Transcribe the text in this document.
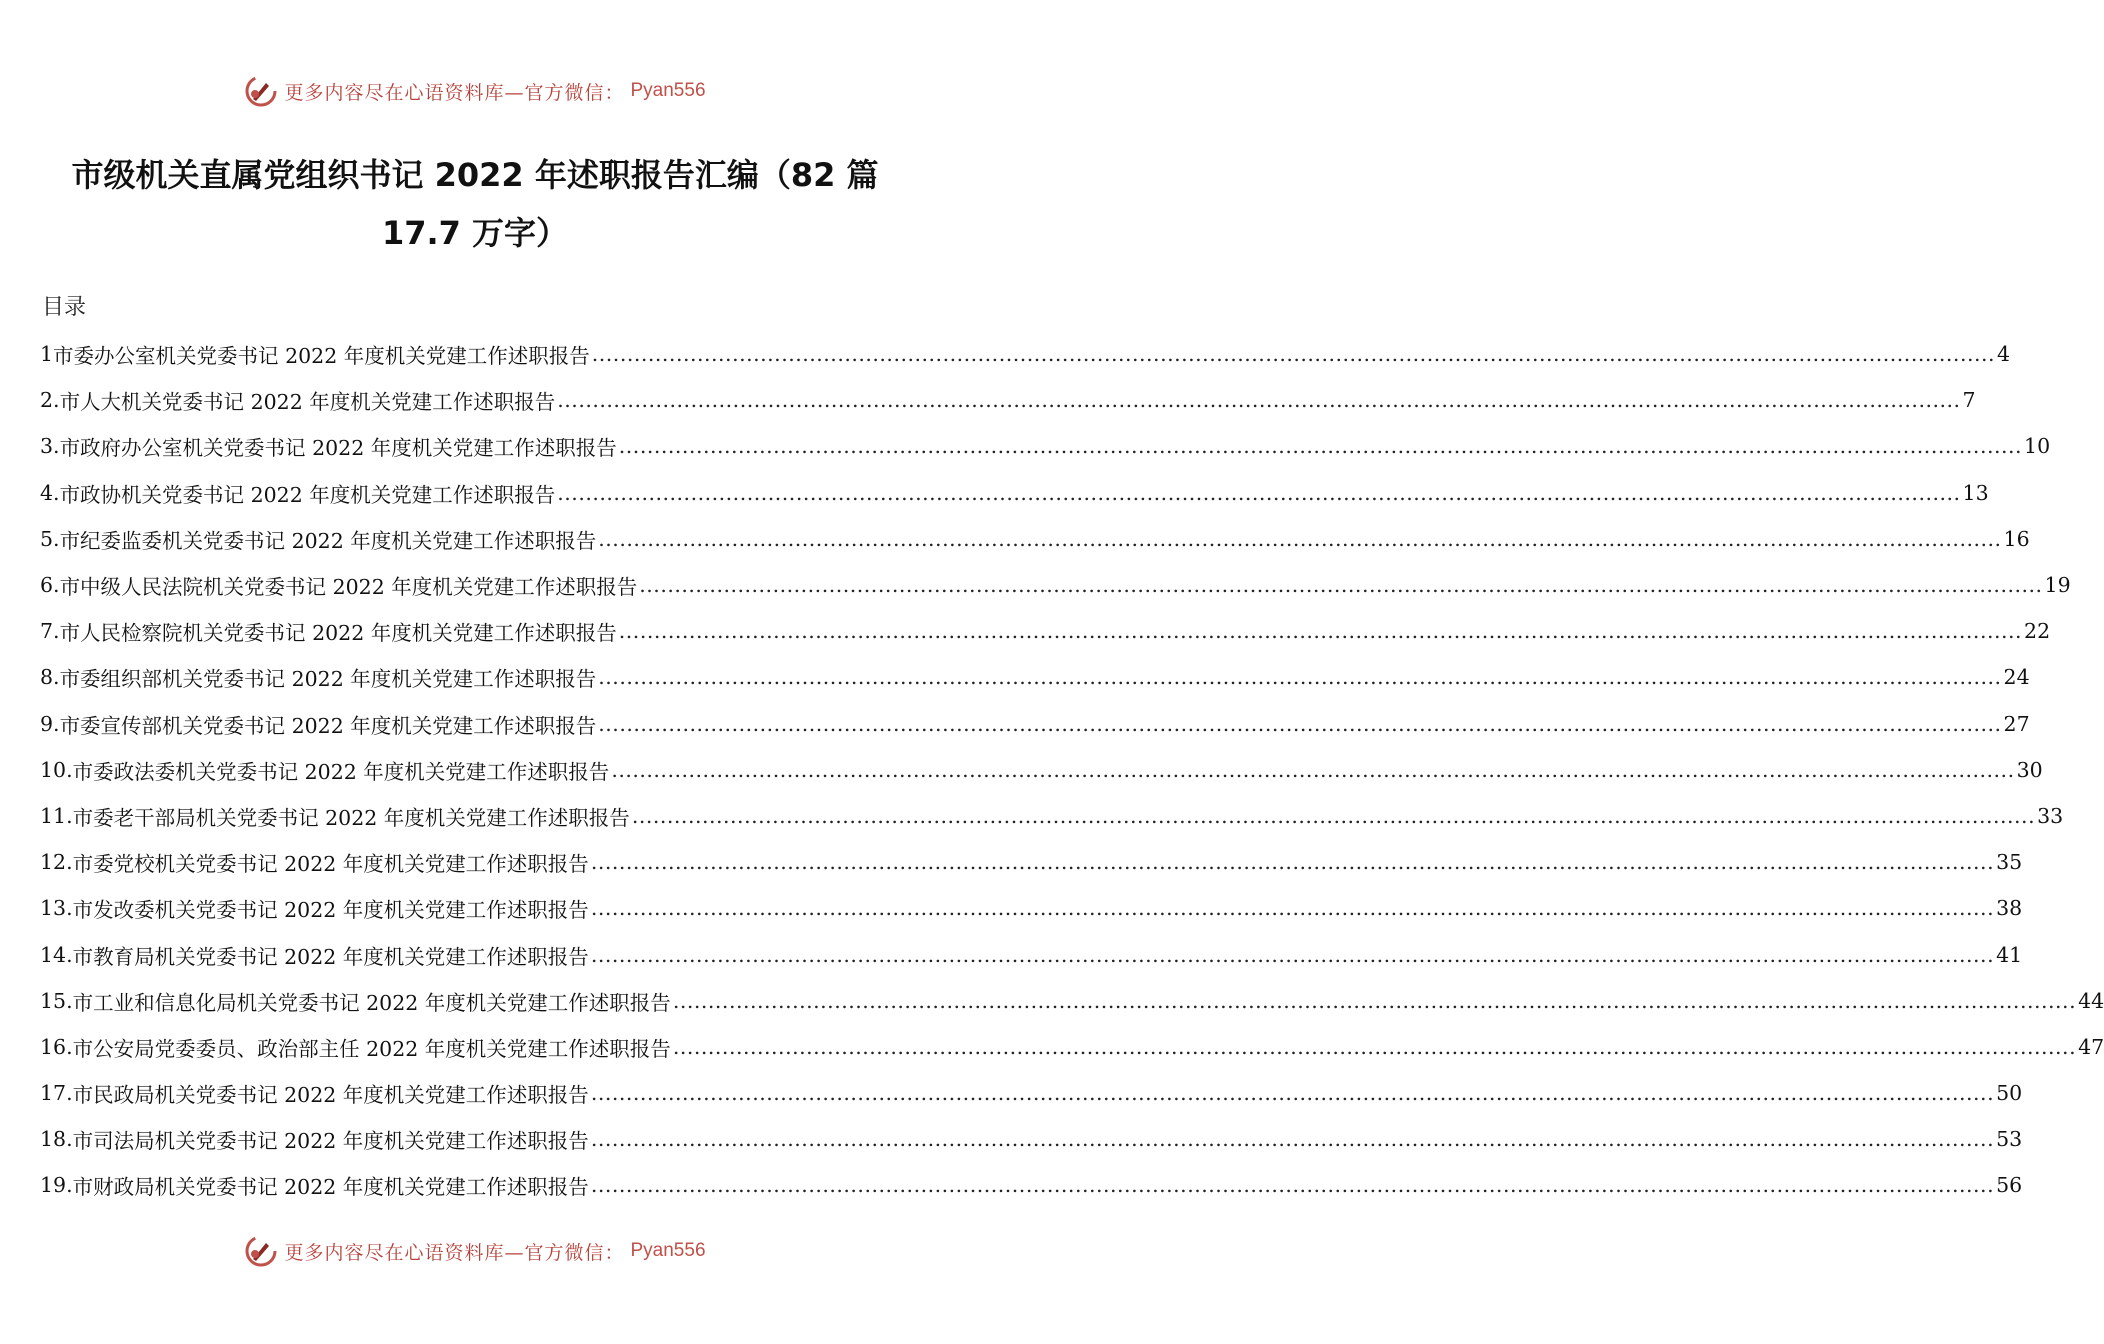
更多内容尽在心语资料库—官方微信： Pyan556
市级机关直属党组织书记 2022 年述职报告汇编（82 篇 17.7 万字）
目录
1 市委办公室机关党委书记 2022 年度机关党建工作述职报告 ........................................................................................................................................................................................................ 4
2. 市人大机关党委书记 2022 年度机关党建工作述职报告 ........................................................................................................................................................................................................ 7
3. 市政府办公室机关党委书记 2022 年度机关党建工作述职报告 ........................................................................................................................................................................................................ 10
4. 市政协机关党委书记 2022 年度机关党建工作述职报告 ........................................................................................................................................................................................................ 13
5. 市纪委监委机关党委书记 2022 年度机关党建工作述职报告 ........................................................................................................................................................................................................ 16
6. 市中级人民法院机关党委书记 2022 年度机关党建工作述职报告 ........................................................................................................................................................................................................ 19
7. 市人民检察院机关党委书记 2022 年度机关党建工作述职报告 ........................................................................................................................................................................................................ 22
8. 市委组织部机关党委书记 2022 年度机关党建工作述职报告 ........................................................................................................................................................................................................ 24
9. 市委宣传部机关党委书记 2022 年度机关党建工作述职报告 ........................................................................................................................................................................................................ 27
10. 市委政法委机关党委书记 2022 年度机关党建工作述职报告 ........................................................................................................................................................................................................ 30
11. 市委老干部局机关党委书记 2022 年度机关党建工作述职报告 ........................................................................................................................................................................................................ 33
12. 市委党校机关党委书记 2022 年度机关党建工作述职报告 ........................................................................................................................................................................................................ 35
13. 市发改委机关党委书记 2022 年度机关党建工作述职报告 ........................................................................................................................................................................................................ 38
14. 市教育局机关党委书记 2022 年度机关党建工作述职报告 ........................................................................................................................................................................................................ 41
15. 市工业和信息化局机关党委书记 2022 年度机关党建工作述职报告 ........................................................................................................................................................................................................ 44
16. 市公安局党委委员、政治部主任 2022 年度机关党建工作述职报告 ........................................................................................................................................................................................................ 47
17. 市民政局机关党委书记 2022 年度机关党建工作述职报告 ........................................................................................................................................................................................................ 50
18. 市司法局机关党委书记 2022 年度机关党建工作述职报告 ........................................................................................................................................................................................................ 53
19. 市财政局机关党委书记 2022 年度机关党建工作述职报告 ........................................................................................................................................................................................................ 56
更多内容尽在心语资料库—官方微信： Pyan556
